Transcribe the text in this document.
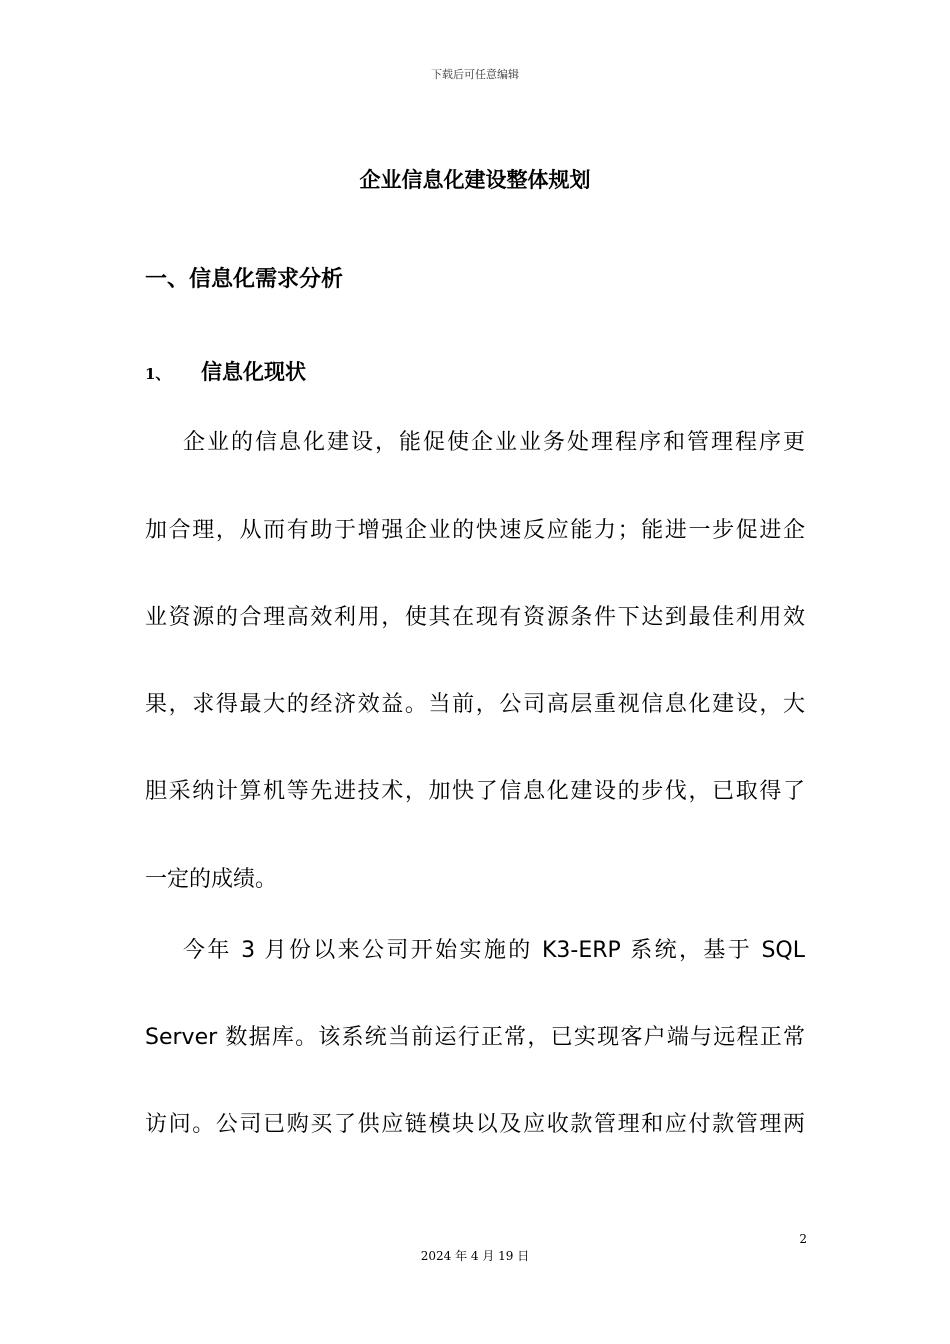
下载后可任意编辑
企业信息化建设整体规划
一、信息化需求分析
1、	信息化现状
企业的信息化建设，能促使企业业务处理程序和管理程序更
加合理，从而有助于增强企业的快速反应能力；能进一步促进企
业资源的合理高效利用，使其在现有资源条件下达到最佳利用效
果，求得最大的经济效益。当前，公司高层重视信息化建设，大
胆采纳计算机等先进技术，加快了信息化建设的步伐，已取得了
一定的成绩。
今年 3 月份以来公司开始实施的 K3-ERP 系统，基于 SQL
Server 数据库。该系统当前运行正常，已实现客户端与远程正常
访问。公司已购买了供应链模块以及应收款管理和应付款管理两
2
2024 年 4 月 19 日
